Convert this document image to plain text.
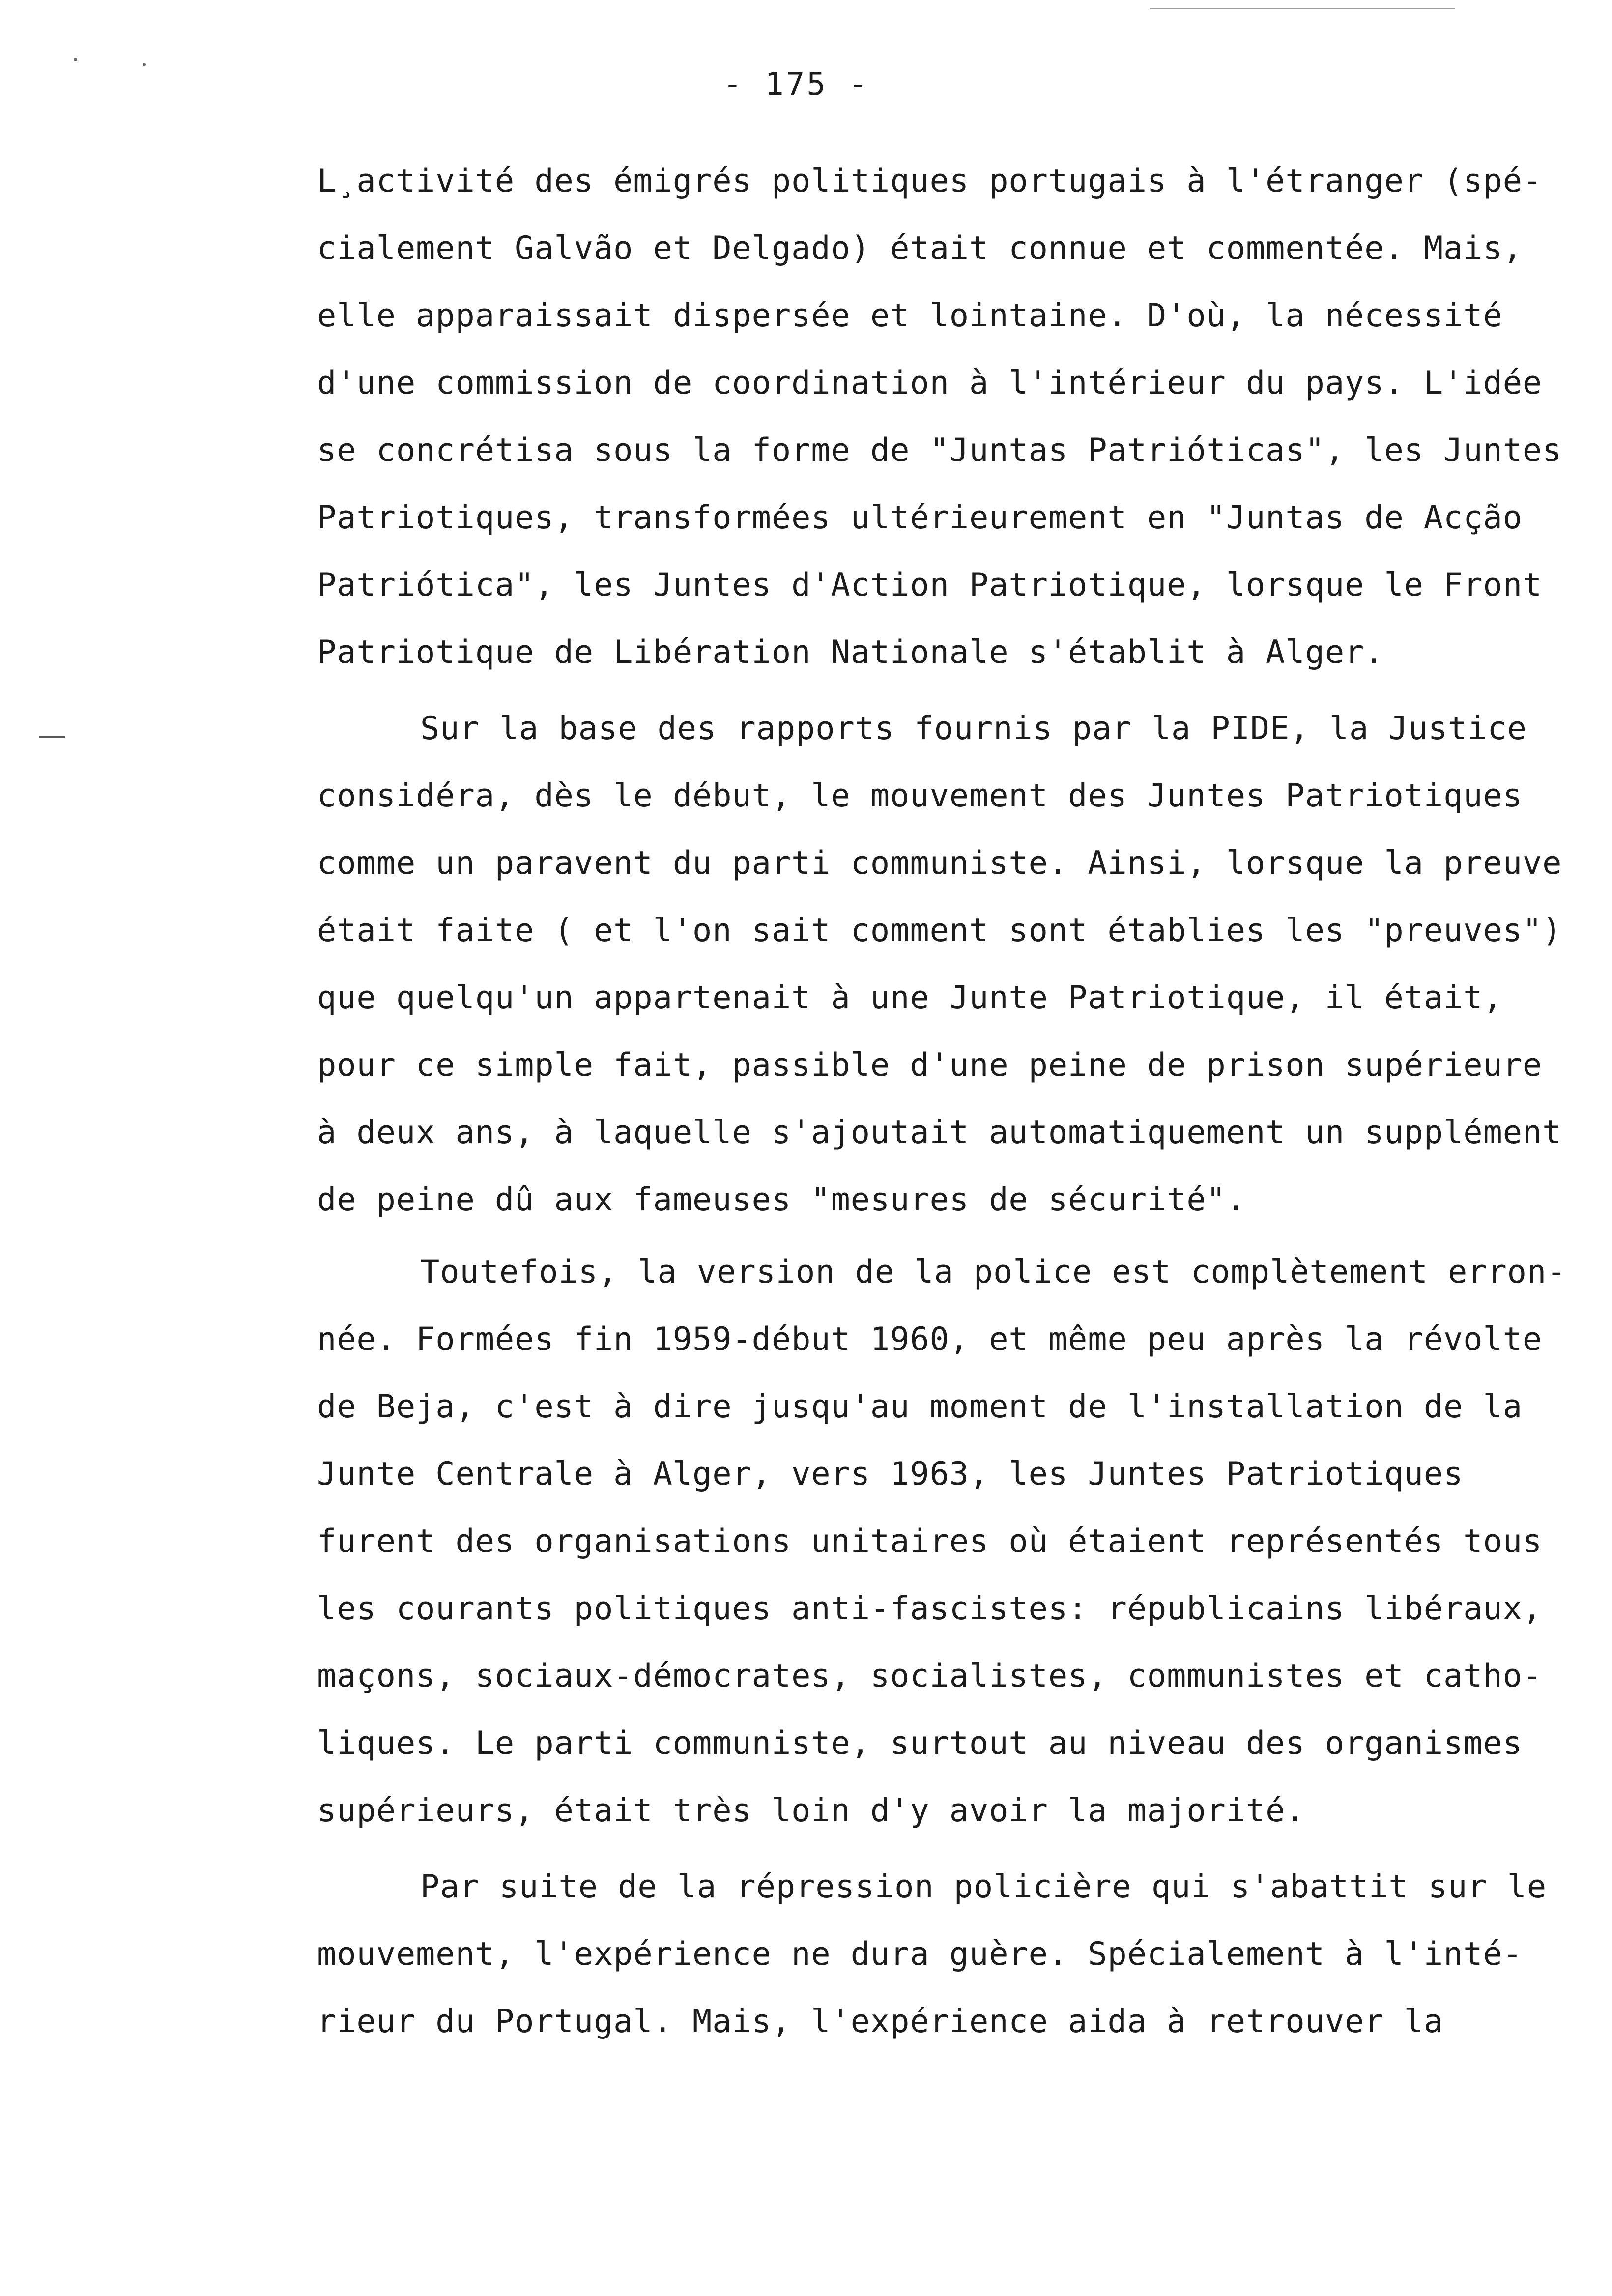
- 175 -
L¸activité des émigrés politiques portugais à l'étranger (spé-
cialement Galvão et Delgado) était connue et commentée. Mais,
elle apparaissait dispersée et lointaine. D'où, la nécessité
d'une commission de coordination à l'intérieur du pays. L'idée
se concrétisa sous la forme de "Juntas Patrióticas", les Juntes
Patriotiques, transformées ultérieurement en "Juntas de Acção
Patriótica", les Juntes d'Action Patriotique, lorsque le Front
Patriotique de Libération Nationale s'établit à Alger.
Sur la base des rapports fournis par la PIDE, la Justice
considéra, dès le début, le mouvement des Juntes Patriotiques
comme un paravent du parti communiste. Ainsi, lorsque la preuve
était faite ( et l'on sait comment sont établies les "preuves")
que quelqu'un appartenait à une Junte Patriotique, il était,
pour ce simple fait, passible d'une peine de prison supérieure
à deux ans, à laquelle s'ajoutait automatiquement un supplément
de peine dû aux fameuses "mesures de sécurité".
Toutefois, la version de la police est complètement erron-
née. Formées fin 1959-début 1960, et même peu après la révolte
de Beja, c'est à dire jusqu'au moment de l'installation de la
Junte Centrale à Alger, vers 1963, les Juntes Patriotiques
furent des organisations unitaires où étaient représentés tous
les courants politiques anti-fascistes: républicains libéraux,
maçons, sociaux-démocrates, socialistes, communistes et catho-
liques. Le parti communiste, surtout au niveau des organismes
supérieurs, était très loin d'y avoir la majorité.
Par suite de la répression policière qui s'abattit sur le
mouvement, l'expérience ne dura guère. Spécialement à l'inté-
rieur du Portugal. Mais, l'expérience aida à retrouver la
